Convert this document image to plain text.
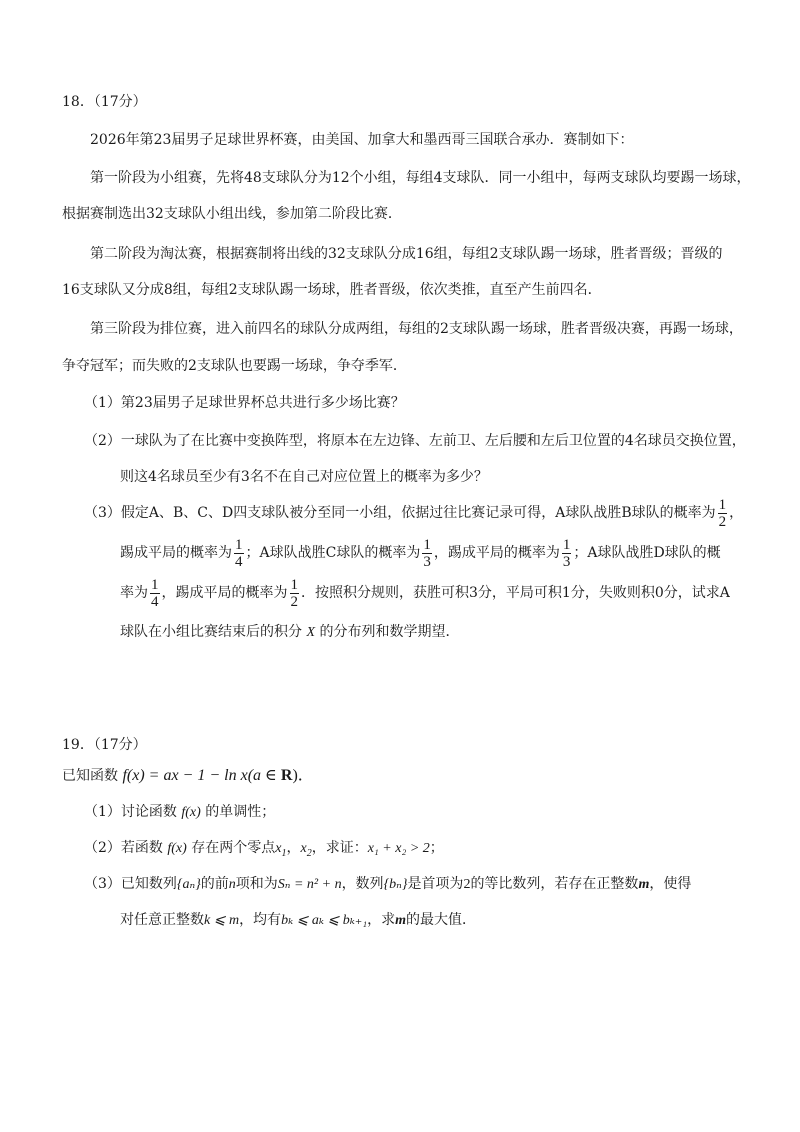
18．（17分）
2026年第23届男子足球世界杯赛，由美国、加拿大和墨西哥三国联合承办．赛制如下：
第一阶段为小组赛，先将48支球队分为12个小组，每组4支球队．同一小组中，每两支球队均要踢一场球，
根据赛制选出32支球队小组出线，参加第二阶段比赛．
第二阶段为淘汰赛，根据赛制将出线的32支球队分成16组，每组2支球队踢一场球，胜者晋级；晋级的
16支球队又分成8组，每组2支球队踢一场球，胜者晋级，依次类推，直至产生前四名．
第三阶段为排位赛，进入前四名的球队分成两组，每组的2支球队踢一场球，胜者晋级决赛，再踢一场球，
争夺冠军；而失败的2支球队也要踢一场球，争夺季军．
（1）第23届男子足球世界杯总共进行多少场比赛？
（2）一球队为了在比赛中变换阵型，将原本在左边锋、左前卫、左后腰和左后卫位置的4名球员交换位置，
则这4名球员至少有3名不在自己对应位置上的概率为多少？
（3）假定A、B、C、D四支球队被分至同一小组，依据过往比赛记录可得，A球队战胜B球队的概率为 $\frac{1}{2}$ ，
踢成平局的概率为 $\frac{1}{4}$ ；A球队战胜C球队的概率为 $\frac{1}{3}$ ，踢成平局的概率为 $\frac{1}{3}$ ；A球队战胜D球队的概
率为 $\frac{1}{4}$ ，踢成平局的概率为 $\frac{1}{2}$ ．按照积分规则，获胜可积3分，平局可积1分，失败则积0分，试求A
球队在小组比赛结束后的积分 X 的分布列和数学期望．
19．（17分）
已知函数 f(x) = ax − 1 − ln x(a ∈ R)．
（1）讨论函数 f(x) 的单调性；
（2）若函数 f(x) 存在两个零点$x_1$，$x_2$，求证：x₁ + x₂ > 2；
（3）已知数列{aₙ}的前n项和为Sₙ = n² + n，数列{bₙ}是首项为2的等比数列，若存在正整数m，使得
对任意正整数k ⩽ m，均有bₖ ⩽ aₖ ⩽ bₖ₊₁，求m的最大值．
